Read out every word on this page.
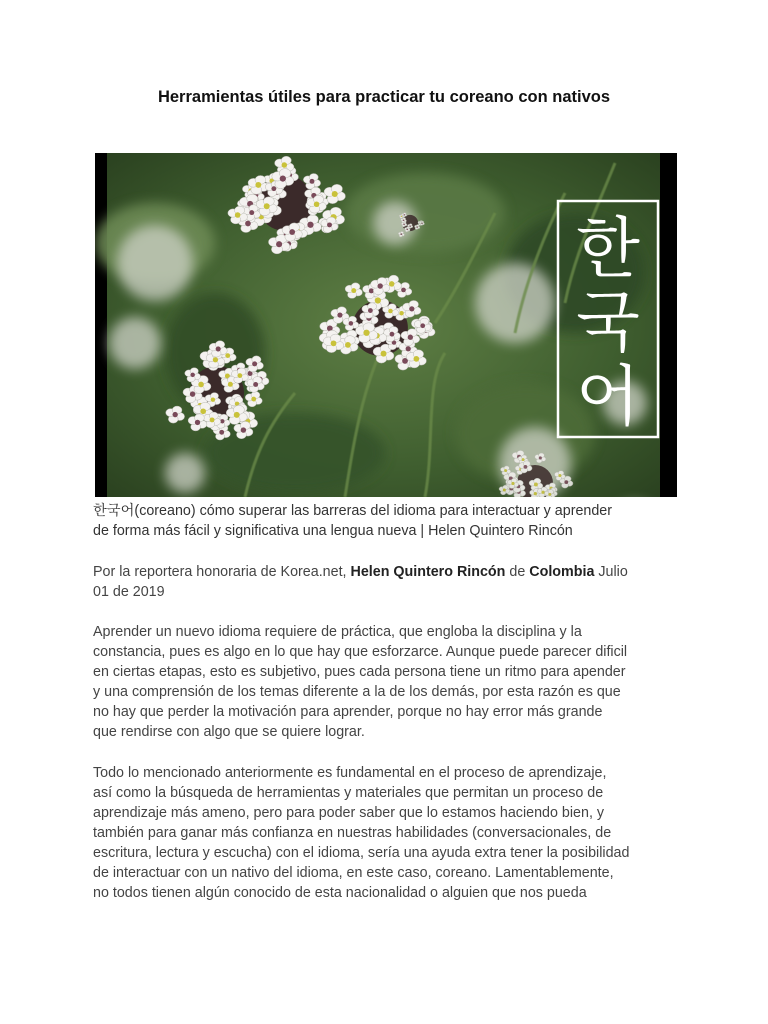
Herramientas útiles para practicar tu coreano con nativos
한
국
어
한국어(coreano) cómo superar las barreras del idioma para interactuar y aprender
de forma más fácil y significativa una lengua nueva | Helen Quintero Rincón
Por la reportera honoraria de Korea.net, Helen Quintero Rincón de Colombia Julio
01 de 2019
Aprender un nuevo idioma requiere de práctica, que engloba la disciplina y la
constancia, pues es algo en lo que hay que esforzarce. Aunque puede parecer dificil
en ciertas etapas, esto es subjetivo, pues cada persona tiene un ritmo para apender
y una comprensión de los temas diferente a la de los demás, por esta razón es que
no hay que perder la motivación para aprender, porque no hay error más grande
que rendirse con algo que se quiere lograr.
Todo lo mencionado anteriormente es fundamental en el proceso de aprendizaje,
así como la búsqueda de herramientas y materiales que permitan un proceso de
aprendizaje más ameno, pero para poder saber que lo estamos haciendo bien, y
también para ganar más confianza en nuestras habilidades (conversacionales, de
escritura, lectura y escucha) con el idioma, sería una ayuda extra tener la posibilidad
de interactuar con un nativo del idioma, en este caso, coreano. Lamentablemente,
no todos tienen algún conocido de esta nacionalidad o alguien que nos pueda
